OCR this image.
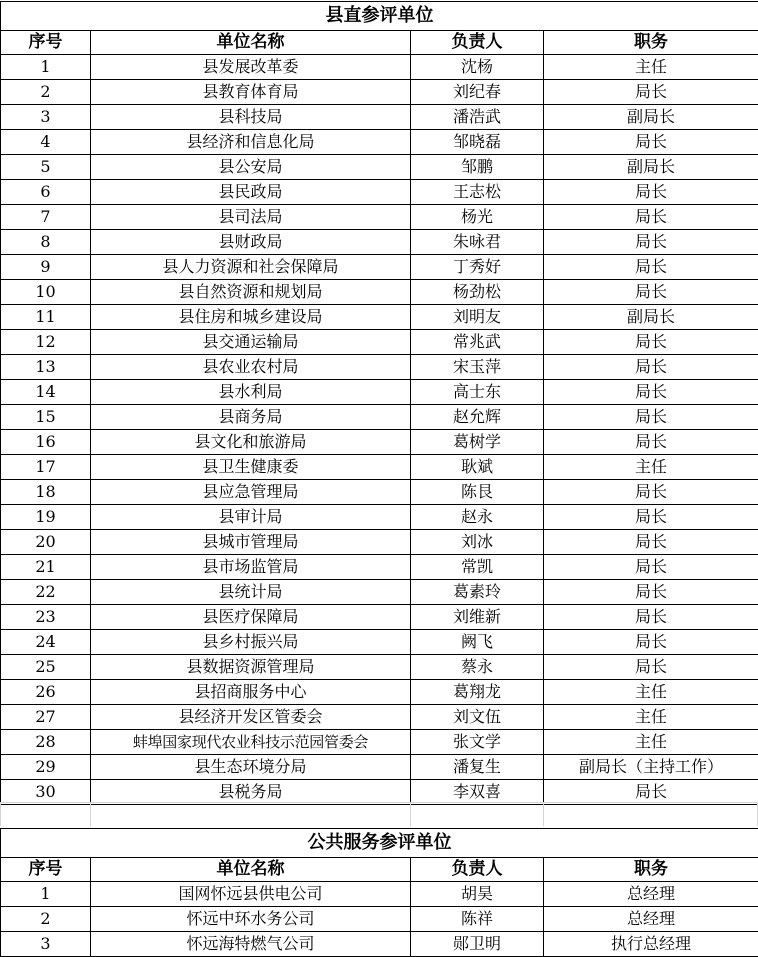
县直参评单位			
序号	单位名称	负责人	职务
1	县发展改革委	沈杨	主任
2	县教育体育局	刘纪春	局长
3	县科技局	潘浩武	副局长
4	县经济和信息化局	邹晓磊	局长
5	县公安局	邹鹏	副局长
6	县民政局	王志松	局长
7	县司法局	杨光	局长
8	县财政局	朱咏君	局长
9	县人力资源和社会保障局	丁秀好	局长
10	县自然资源和规划局	杨劲松	局长
11	县住房和城乡建设局	刘明友	副局长
12	县交通运输局	常兆武	局长
13	县农业农村局	宋玉萍	局长
14	县水利局	高士东	局长
15	县商务局	赵允辉	局长
16	县文化和旅游局	葛树学	局长
17	县卫生健康委	耿斌	主任
18	县应急管理局	陈艮	局长
19	县审计局	赵永	局长
20	县城市管理局	刘冰	局长
21	县市场监管局	常凯	局长
22	县统计局	葛素玲	局长
23	县医疗保障局	刘维新	局长
24	县乡村振兴局	阙飞	局长
25	县数据资源管理局	蔡永	局长
26	县招商服务中心	葛翔龙	主任
27	县经济开发区管委会	刘文伍	主任
28	蚌埠国家现代农业科技示范园管委会	张文学	主任
29	县生态环境分局	潘复生	副局长（主持工作）
30	县税务局	李双喜	局长
公共服务参评单位			
序号	单位名称	负责人	职务
1	国网怀远县供电公司	胡昊	总经理
2	怀远中环水务公司	陈祥	总经理
3	怀远海特燃气公司	郧卫明	执行总经理
